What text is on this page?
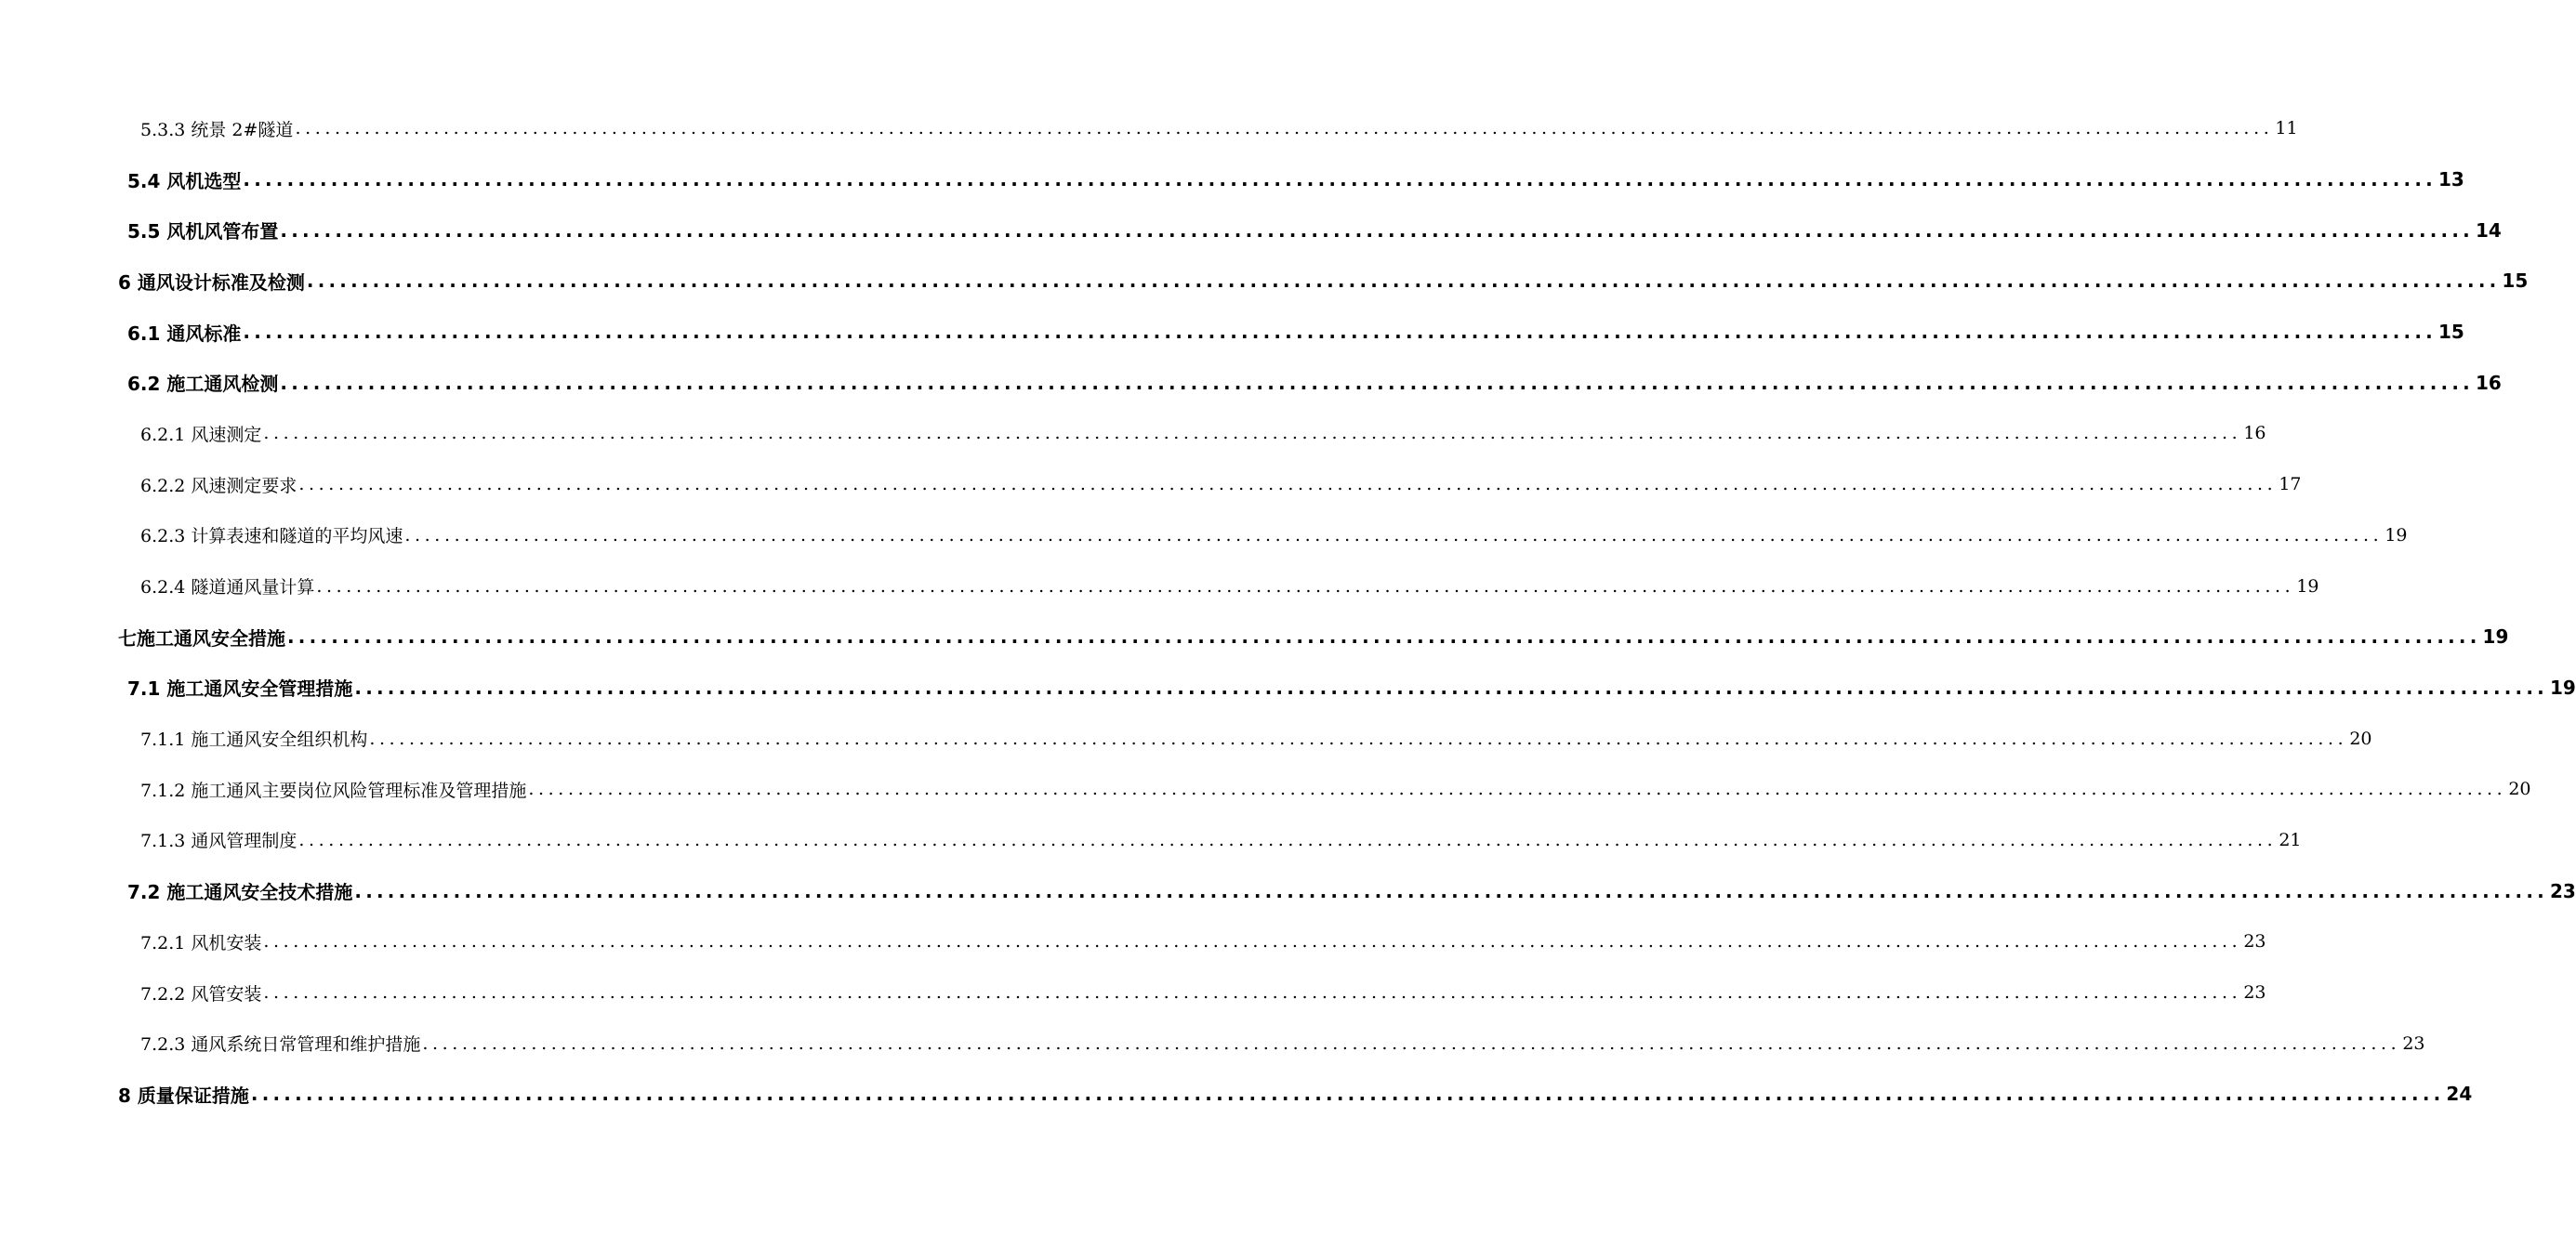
5.3.3 统景 2#隧道 ........................................................................................................................................................................................................ 11
5.4 风机选型 ........................................................................................................................................................................................................ 13
5.5 风机风管布置 ........................................................................................................................................................................................................ 14
6 通风设计标准及检测 ........................................................................................................................................................................................................ 15
6.1 通风标准 ........................................................................................................................................................................................................ 15
6.2 施工通风检测 ........................................................................................................................................................................................................ 16
6.2.1 风速测定 ........................................................................................................................................................................................................ 16
6.2.2 风速测定要求 ........................................................................................................................................................................................................ 17
6.2.3 计算表速和隧道的平均风速 ........................................................................................................................................................................................................ 19
6.2.4 隧道通风量计算 ........................................................................................................................................................................................................ 19
七施工通风安全措施 ........................................................................................................................................................................................................ 19
7.1 施工通风安全管理措施 ........................................................................................................................................................................................................ 19
7.1.1 施工通风安全组织机构 ........................................................................................................................................................................................................ 20
7.1.2 施工通风主要岗位风险管理标准及管理措施 ........................................................................................................................................................................................................ 20
7.1.3 通风管理制度 ........................................................................................................................................................................................................ 21
7.2 施工通风安全技术措施 ........................................................................................................................................................................................................ 23
7.2.1 风机安装 ........................................................................................................................................................................................................ 23
7.2.2 风管安装 ........................................................................................................................................................................................................ 23
7.2.3 通风系统日常管理和维护措施 ........................................................................................................................................................................................................ 23
8 质量保证措施 ........................................................................................................................................................................................................ 24
